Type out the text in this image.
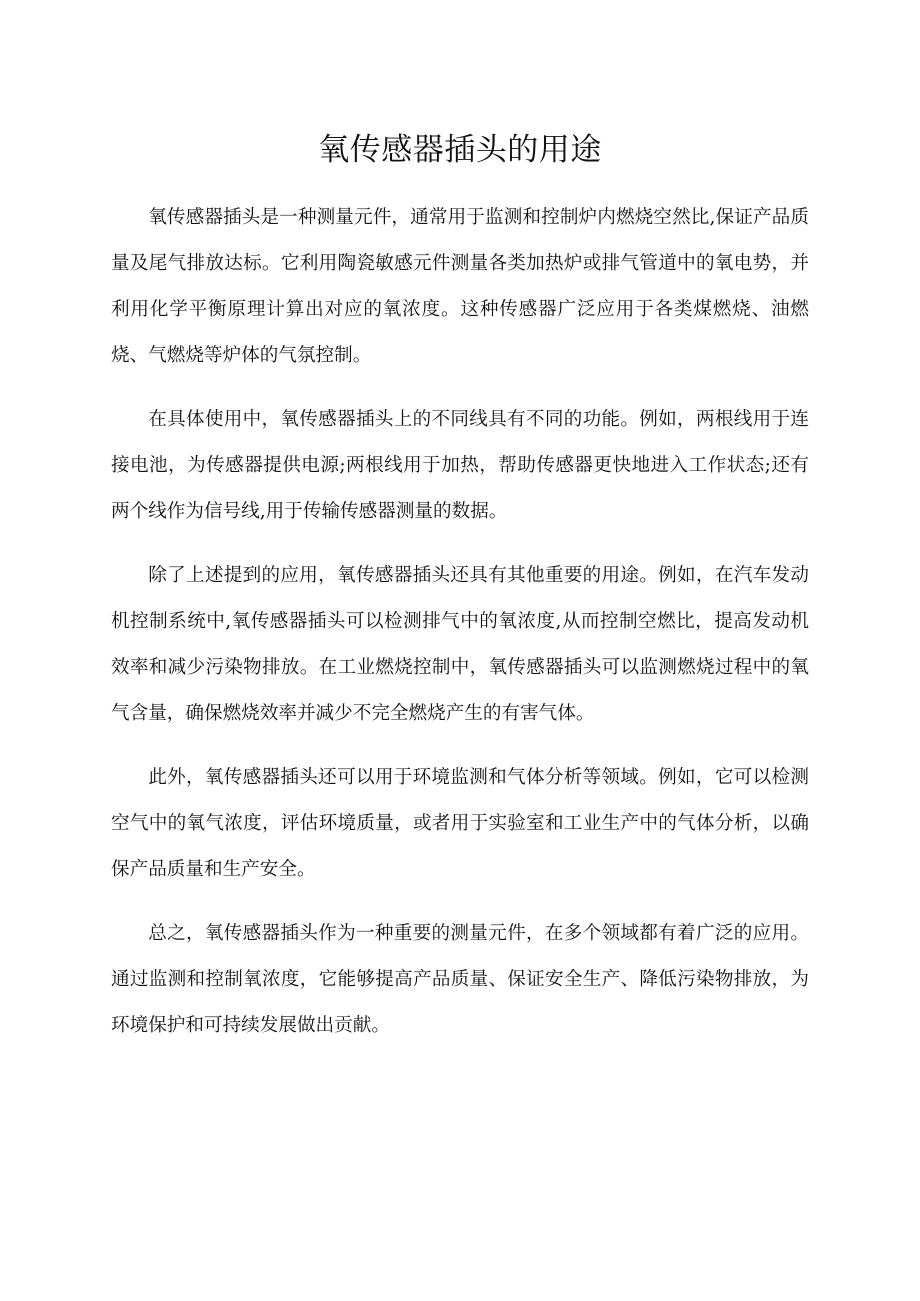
氧传感器插头的用途

氧传感器插头是一种测量元件，通常用于监测和控制炉内燃烧空然比,保证产品质量及尾气排放达标。它利用陶瓷敏感元件测量各类加热炉或排气管道中的氧电势，并利用化学平衡原理计算出对应的氧浓度。这种传感器广泛应用于各类煤燃烧、油燃烧、气燃烧等炉体的气氛控制。

在具体使用中，氧传感器插头上的不同线具有不同的功能。例如，两根线用于连接电池，为传感器提供电源;两根线用于加热，帮助传感器更快地进入工作状态;还有两个线作为信号线,用于传输传感器测量的数据。

除了上述提到的应用，氧传感器插头还具有其他重要的用途。例如，在汽车发动机控制系统中,氧传感器插头可以检测排气中的氧浓度,从而控制空燃比，提高发动机效率和减少污染物排放。在工业燃烧控制中，氧传感器插头可以监测燃烧过程中的氧气含量，确保燃烧效率并减少不完全燃烧产生的有害气体。

此外，氧传感器插头还可以用于环境监测和气体分析等领域。例如，它可以检测空气中的氧气浓度，评估环境质量，或者用于实验室和工业生产中的气体分析，以确保产品质量和生产安全。

总之，氧传感器插头作为一种重要的测量元件，在多个领域都有着广泛的应用。通过监测和控制氧浓度，它能够提高产品质量、保证安全生产、降低污染物排放，为环境保护和可持续发展做出贡献。
